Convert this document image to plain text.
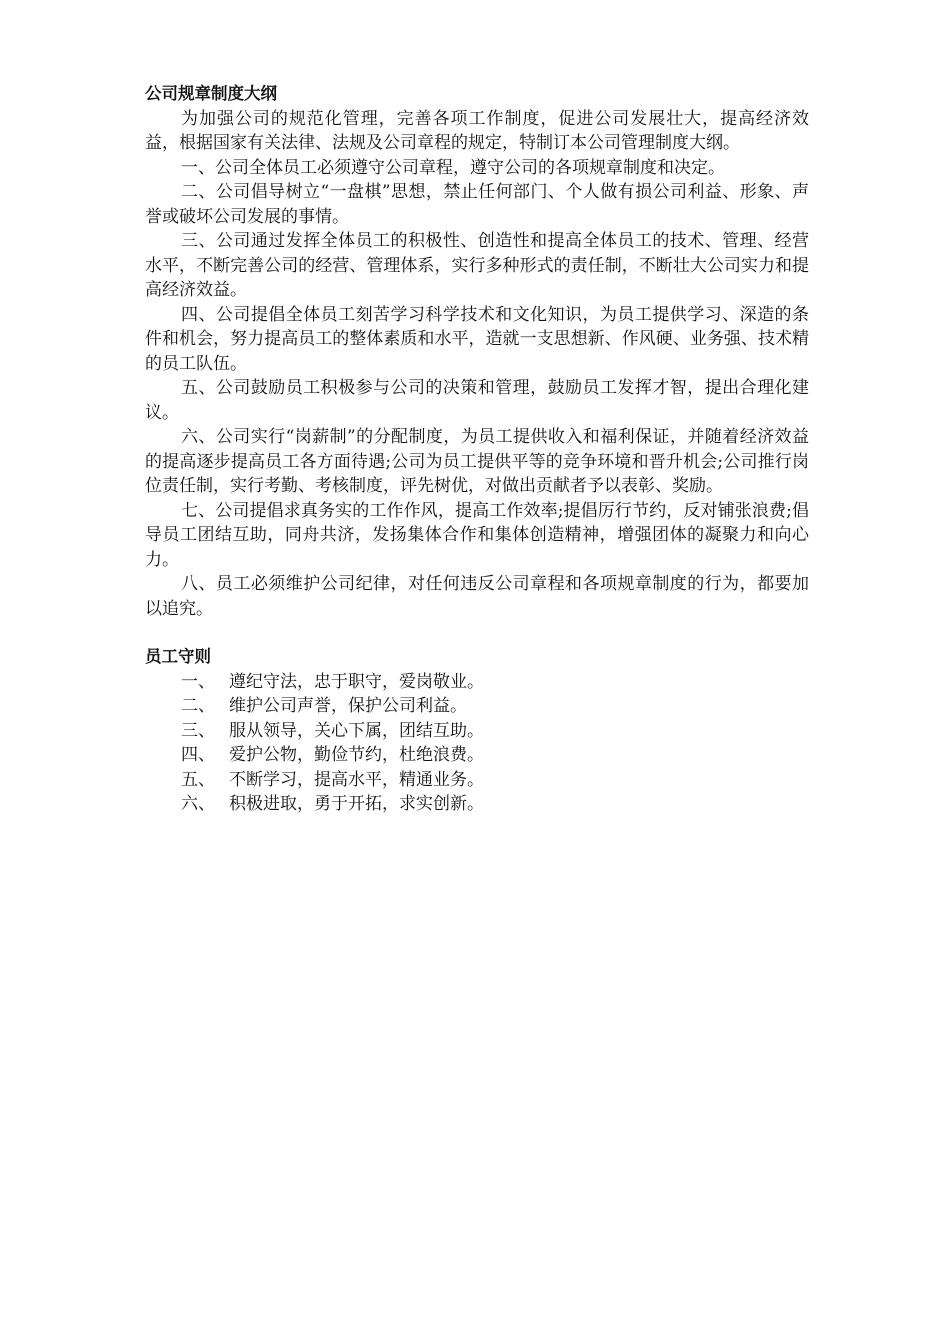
公司规章制度大纲

为加强公司的规范化管理，完善各项工作制度，促进公司发展壮大，提高经济效益，根据国家有关法律、法规及公司章程的规定，特制订本公司管理制度大纲。

一、公司全体员工必须遵守公司章程，遵守公司的各项规章制度和决定。

二、公司倡导树立“一盘棋”思想，禁止任何部门、个人做有损公司利益、形象、声誉或破坏公司发展的事情。

三、公司通过发挥全体员工的积极性、创造性和提高全体员工的技术、管理、经营水平，不断完善公司的经营、管理体系，实行多种形式的责任制，不断壮大公司实力和提高经济效益。

四、公司提倡全体员工刻苦学习科学技术和文化知识，为员工提供学习、深造的条件和机会，努力提高员工的整体素质和水平，造就一支思想新、作风硬、业务强、技术精的员工队伍。

五、公司鼓励员工积极参与公司的决策和管理，鼓励员工发挥才智，提出合理化建议。

六、公司实行“岗薪制”的分配制度，为员工提供收入和福利保证，并随着经济效益的提高逐步提高员工各方面待遇;公司为员工提供平等的竞争环境和晋升机会;公司推行岗位责任制，实行考勤、考核制度，评先树优，对做出贡献者予以表彰、奖励。

七、公司提倡求真务实的工作作风，提高工作效率;提倡厉行节约，反对铺张浪费;倡导员工团结互助，同舟共济，发扬集体合作和集体创造精神，增强团体的凝聚力和向心力。

八、员工必须维护公司纪律，对任何违反公司章程和各项规章制度的行为，都要加以追究。

员工守则
一、 遵纪守法，忠于职守，爱岗敬业。
二、 维护公司声誉，保护公司利益。
三、 服从领导，关心下属，团结互助。
四、 爱护公物，勤俭节约，杜绝浪费。
五、 不断学习，提高水平，精通业务。
六、 积极进取，勇于开拓，求实创新。
